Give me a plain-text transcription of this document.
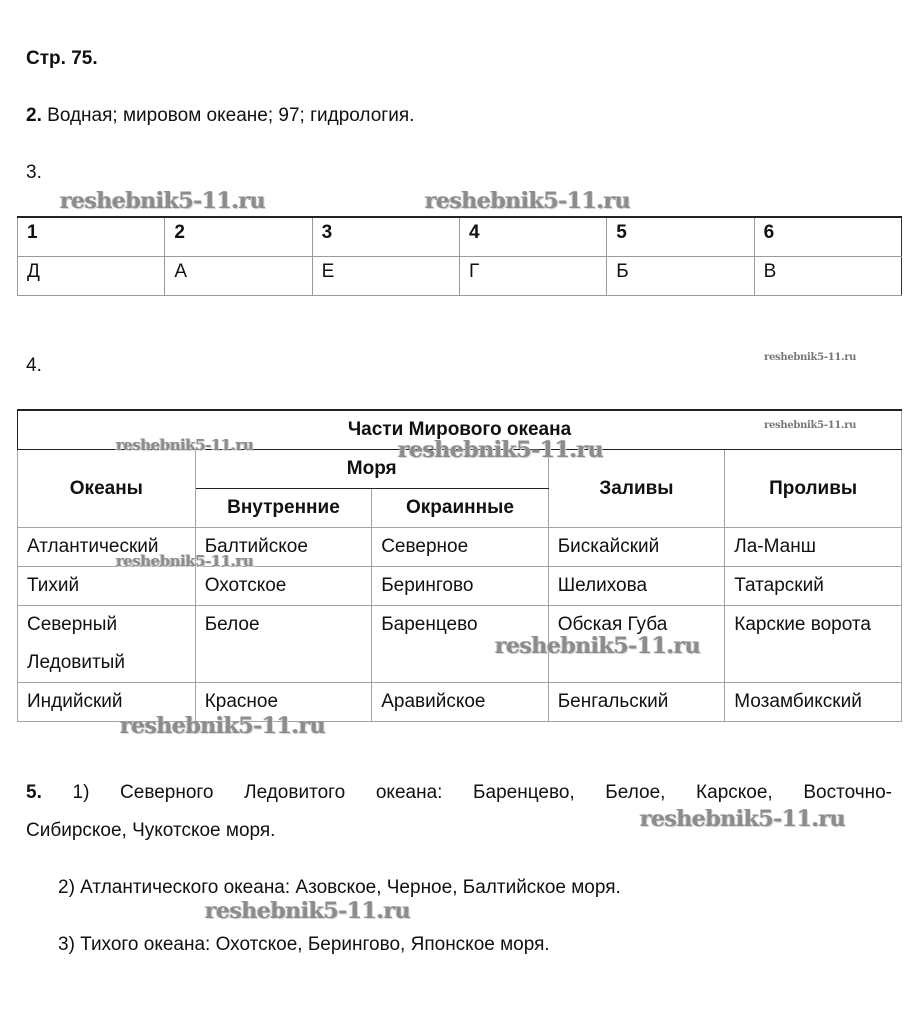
Стр. 75.
2. Водная; мировом океане; 97; гидрология.
3.
reshebnik5-11.ru	reshebnik5-11.ru
1	2	3	4	5	6
Д	А	Е	Г	Б	В
4.	reshebnik5-11.ru
Части Мирового океана				
Океаны	Моря		Заливы	Проливы
	Внутренние	Окраинные		
Атлантический	Балтийское	Северное	Бискайский	Ла-Манш
Тихий	Охотское	Берингово	Шелихова	Татарский
Северный Ледовитый	Белое	Баренцево	Обская Губа	Карские ворота
Индийский	Красное	Аравийское	Бенгальский	Мозамбикский
reshebnik5-11.ru
reshebnik5-11.ru	reshebnik5-11.ru
reshebnik5-11.ru
reshebnik5-11.ru
reshebnik5-11.ru
5. 1) Северного Ледовитого океана: Баренцево, Белое, Карское, Восточно-
Сибирское, Чукотское моря.	reshebnik5-11.ru
2) Атлантического океана: Азовское, Черное, Балтийское моря.
reshebnik5-11.ru
3) Тихого океана: Охотское, Берингово, Японское моря.
